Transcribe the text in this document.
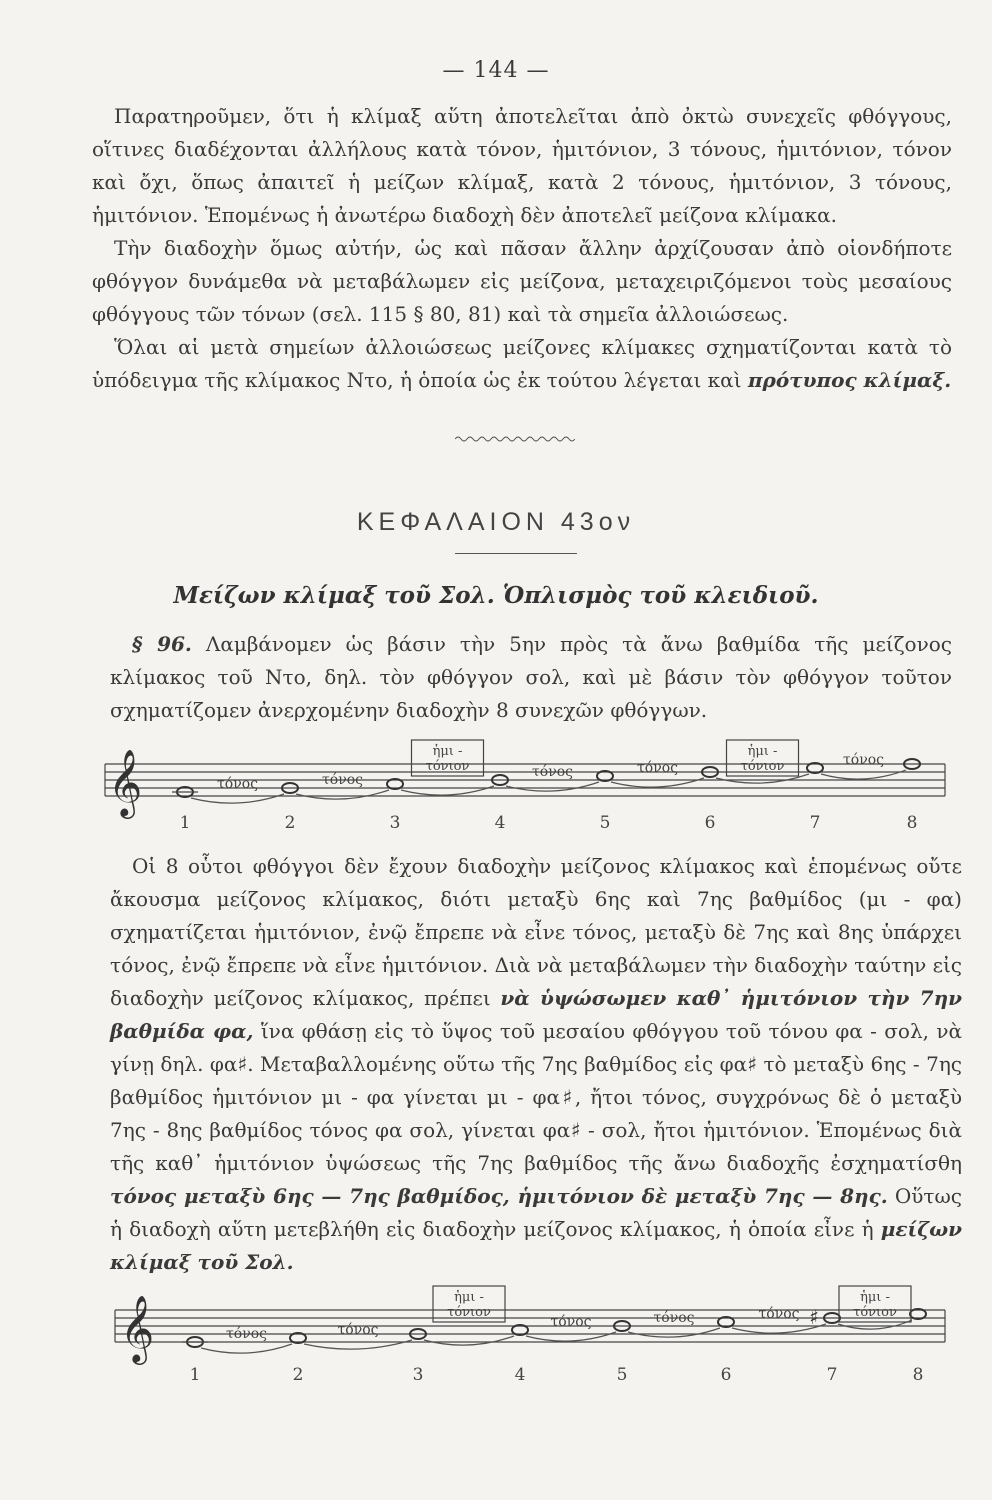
— 144 —

Παρατηροῦμεν, ὅτι ἡ κλίμαξ αὕτη ἀποτελεῖται ἀπὸ ὀκτὼ συνεχεῖς φθόγγους, οἵτινες διαδέχονται ἀλλήλους κατὰ τόνον, ἡμιτόνιον, 3 τόνους, ἡμιτόνιον, τόνον καὶ ὄχι, ὅπως ἀπαιτεῖ ἡ μείζων κλίμαξ, κατὰ 2 τόνους, ἡμιτόνιον, 3 τόνους, ἡμιτόνιον. Ἑπομένως ἡ ἀνωτέρω διαδοχὴ δὲν ἀποτελεῖ μείζονα κλίμακα.

Τὴν διαδοχὴν ὅμως αὐτήν, ὡς καὶ πᾶσαν ἄλλην ἀρχίζουσαν ἀπὸ οἱονδήποτε φθόγγον δυνάμεθα νὰ μεταβάλωμεν εἰς μείζονα, μεταχειριζόμενοι τοὺς μεσαίους φθόγγους τῶν τόνων (σελ. 115 § 80, 81) καὶ τὰ σημεῖα ἀλλοιώσεως.

Ὅλαι αἱ μετὰ σημείων ἀλλοιώσεως μείζονες κλίμακες σχηματίζονται κατὰ τὸ ὑπόδειγμα τῆς κλίμακος Ντο, ἡ ὁποία ὡς ἐκ τούτου λέγεται καὶ πρότυπος κλίμαξ.

ΚΕΦΑΛΑΙΟΝ 43ον
Μείζων κλίμαξ τοῦ Σολ. Ὁπλισμὸς τοῦ κλειδιοῦ.

§ 96. Λαμβάνομεν ὡς βάσιν τὴν 5ην πρὸς τὰ ἄνω βαθμίδα τῆς μείζονος κλίμακος τοῦ Ντο, δηλ. τὸν φθόγγον σολ, καὶ μὲ βάσιν τὸν φθόγγον τοῦτον σχηματίζομεν ἀνερχομένην διαδοχὴν 8 συνεχῶν φθόγγων.

𝄞
1	2	3	4	5	6	7	8
τόνος	τόνος
ἡμι -
τόνιον	τόνος	τόνος
ἡμι -
τόνιον	τόνος

Οἱ 8 οὗτοι φθόγγοι δὲν ἔχουν διαδοχὴν μείζονος κλίμακος καὶ ἑπομένως οὔτε ἄκουσμα μείζονος κλίμακος, διότι μεταξὺ 6ης καὶ 7ης βαθμίδος (μι - φα) σχηματίζεται ἡμιτόνιον, ἐνῷ ἔπρεπε νὰ εἶνε τόνος, μεταξὺ δὲ 7ης καὶ 8ης ὑπάρχει τόνος, ἐνῷ ἔπρεπε νὰ εἶνε ἡμιτόνιον. Διὰ νὰ μεταβάλωμεν τὴν διαδοχὴν ταύτην εἰς διαδοχὴν μείζονος κλίμακος, πρέπει νὰ ὑψώσωμεν καθ᾽ ἡμιτόνιον τὴν 7ην βαθμίδα φα, ἵνα φθάσῃ εἰς τὸ ὕψος τοῦ μεσαίου φθόγγου τοῦ τόνου φα - σολ, νὰ γίνῃ δηλ. φα♯. Μεταβαλλομένης οὕτω τῆς 7ης βαθμίδος εἰς φα♯ τὸ μεταξὺ 6ης - 7ης βαθμίδος ἡμιτόνιον μι - φα γίνεται μι - φα♯, ἤτοι τόνος, συγχρόνως δὲ ὁ μεταξὺ 7ης - 8ης βαθμίδος τόνος φα σολ, γίνεται φα♯ - σολ, ἤτοι ἡμιτόνιον. Ἑπομένως διὰ τῆς καθ᾽ ἡμιτόνιον ὑψώσεως τῆς 7ης βαθμίδος τῆς ἄνω διαδοχῆς ἐσχηματίσθη τόνος μεταξὺ 6ης — 7ης βαθμίδος, ἡμιτόνιον δὲ μεταξὺ 7ης — 8ης. Οὕτως ἡ διαδοχὴ αὕτη μετεβλήθη εἰς διαδοχὴν μείζονος κλίμακος, ἡ ὁποία εἶνε ἡ μείζων κλίμαξ τοῦ Σολ.

𝄞
1	2	3	4	5	6	7	8
τόνος	τόνος
ἡμι -
τόνιον
τόνος	τόνος	τόνος
ἡμι -
τόνιον
♯
